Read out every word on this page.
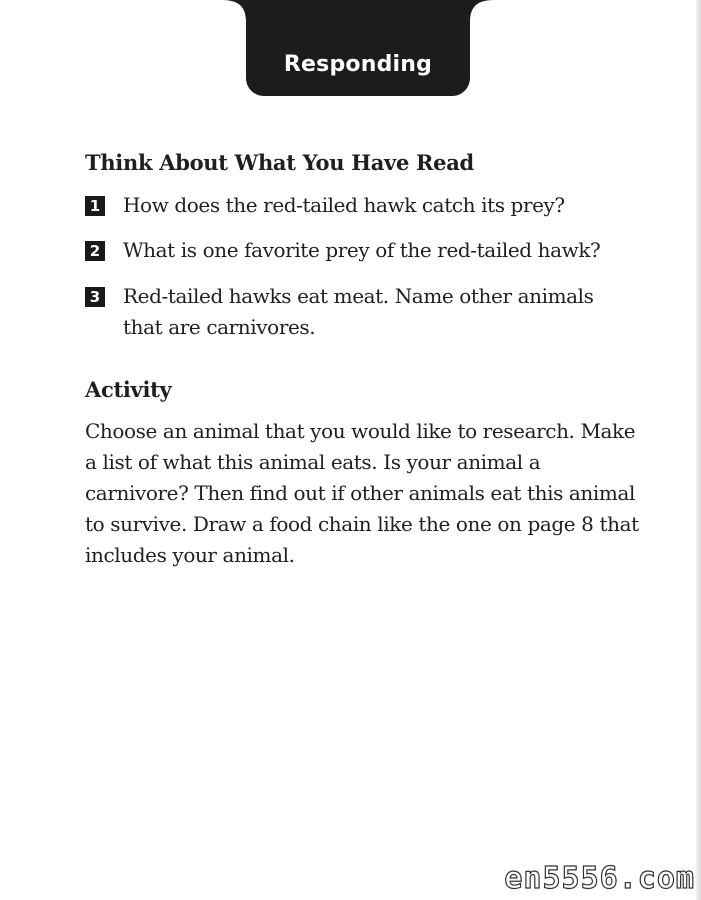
Responding
Think About What You Have Read
1 How does the red-tailed hawk catch its prey?
2 What is one favorite prey of the red-tailed hawk?
3 Red-tailed hawks eat meat. Name other animals that are carnivores.
Activity

Choose an animal that you would like to research. Make a list of what this animal eats. Is your animal a carnivore? Then find out if other animals eat this animal to survive. Draw a food chain like the one on page 8 that includes your animal.

en5556.com
